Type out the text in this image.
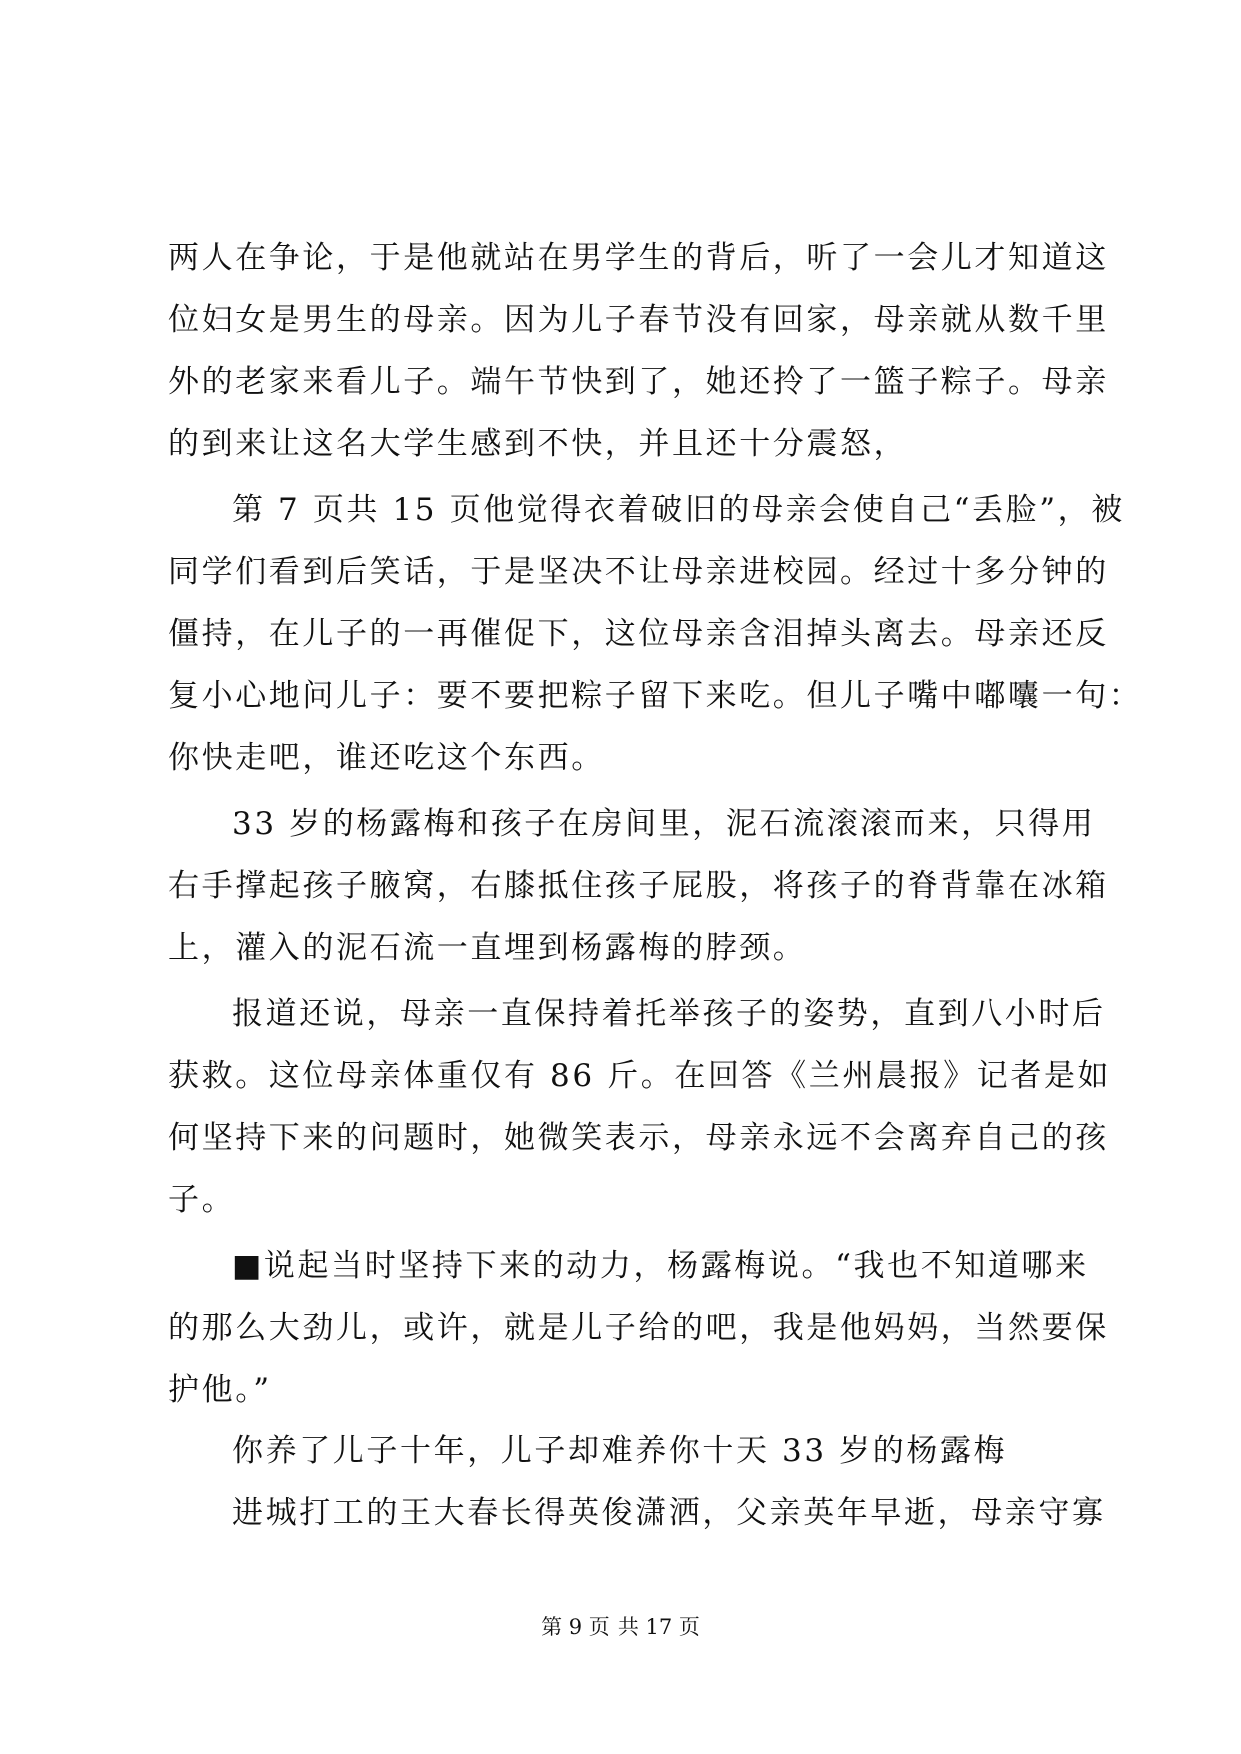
两人在争论，于是他就站在男学生的背后，听了一会儿才知道这
位妇女是男生的母亲。因为儿子春节没有回家，母亲就从数千里
外的老家来看儿子。端午节快到了，她还拎了一篮子粽子。母亲
的到来让这名大学生感到不快，并且还十分震怒，
第 7 页共 15 页他觉得衣着破旧的母亲会使自己“丢脸”，被
同学们看到后笑话，于是坚决不让母亲进校园。经过十多分钟的
僵持，在儿子的一再催促下，这位母亲含泪掉头离去。母亲还反
复小心地问儿子：要不要把粽子留下来吃。但儿子嘴中嘟囔一句：
你快走吧，谁还吃这个东西。
33 岁的杨露梅和孩子在房间里，泥石流滚滚而来，只得用
右手撑起孩子腋窝，右膝抵住孩子屁股，将孩子的脊背靠在冰箱
上，灌入的泥石流一直埋到杨露梅的脖颈。
报道还说，母亲一直保持着托举孩子的姿势，直到八小时后
获救。这位母亲体重仅有 86 斤。在回答《兰州晨报》记者是如
何坚持下来的问题时，她微笑表示，母亲永远不会离弃自己的孩
子。
■说起当时坚持下来的动力，杨露梅说。“我也不知道哪来
的那么大劲儿，或许，就是儿子给的吧，我是他妈妈，当然要保
护他。”
你养了儿子十年，儿子却难养你十天 33 岁的杨露梅
进城打工的王大春长得英俊潇洒，父亲英年早逝，母亲守寡
第 9 页 共 17 页
